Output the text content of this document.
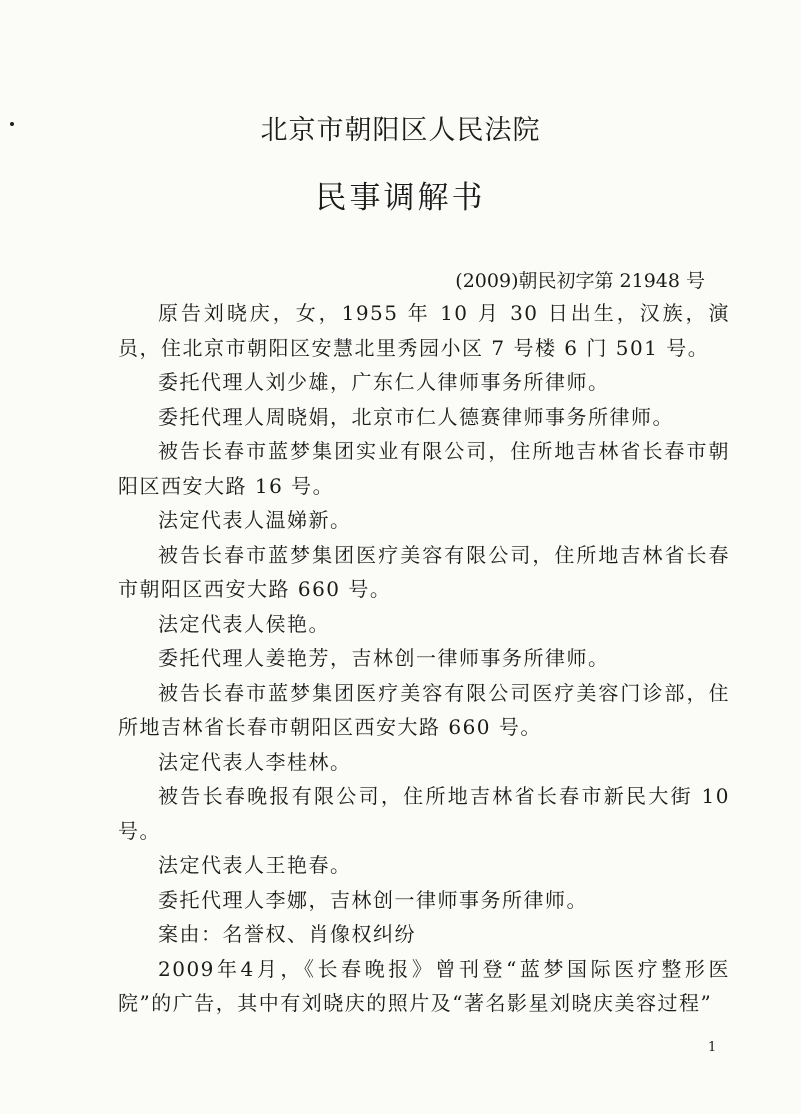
北京市朝阳区人民法院
民事调解书

(2009)朝民初字第 21948 号

原告刘晓庆，女，1955 年 10 月 30 日出生，汉族，演员，住北京市朝阳区安慧北里秀园小区 7 号楼 6 门 501 号。

委托代理人刘少雄，广东仁人律师事务所律师。

委托代理人周晓娟，北京市仁人德赛律师事务所律师。

被告长春市蓝梦集团实业有限公司，住所地吉林省长春市朝阳区西安大路 16 号。

法定代表人温娣新。

被告长春市蓝梦集团医疗美容有限公司，住所地吉林省长春市朝阳区西安大路 660 号。

法定代表人侯艳。

委托代理人姜艳芳，吉林创一律师事务所律师。

被告长春市蓝梦集团医疗美容有限公司医疗美容门诊部，住所地吉林省长春市朝阳区西安大路 660 号。

法定代表人李桂林。

被告长春晚报有限公司，住所地吉林省长春市新民大街 10 号。

法定代表人王艳春。

委托代理人李娜，吉林创一律师事务所律师。

案由：名誉权、肖像权纠纷

2009年4月，《长春晚报》曾刊登“蓝梦国际医疗整形医院”的广告，其中有刘晓庆的照片及“著名影星刘晓庆美容过程”

1
